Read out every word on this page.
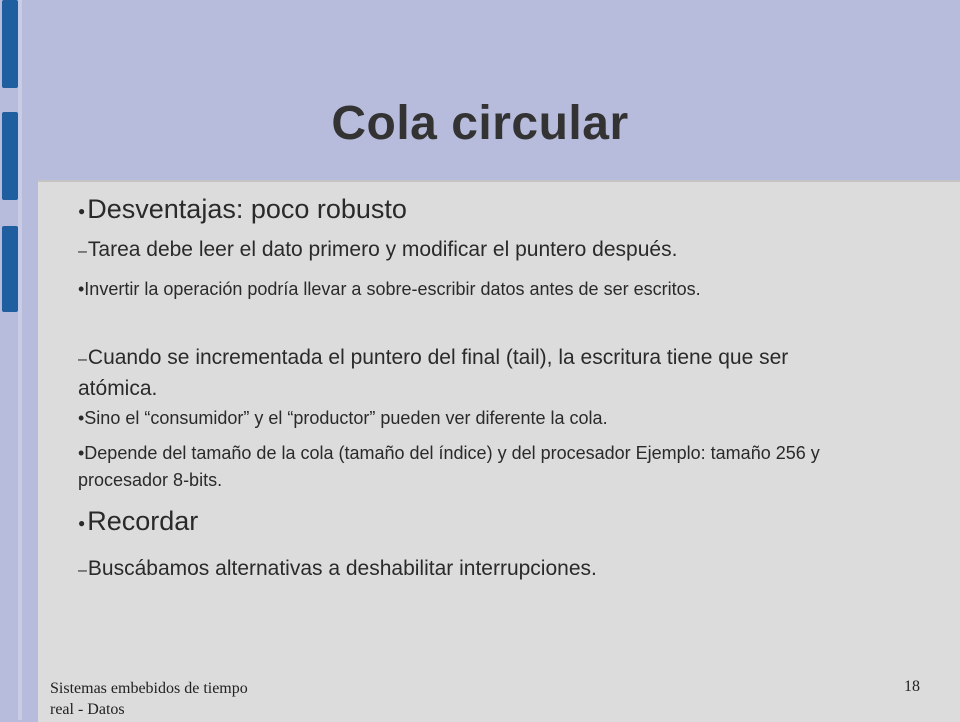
Cola circular
●Desventajas: poco robusto
–Tarea debe leer el dato primero y modificar el puntero después.
•Invertir la operación podría llevar a sobre-escribir datos antes de ser escritos.
–Cuando se incrementada el puntero del final (tail), la escritura tiene que ser atómica.
•Sino el “consumidor” y el “productor” pueden ver diferente la cola.
•Depende del tamaño de la cola (tamaño del índice) y del procesador Ejemplo: tamaño 256 y procesador 8-bits.
●Recordar
–Buscábamos alternativas a deshabilitar interrupciones.
Sistemas embebidos de tiempo real - Datos
18
